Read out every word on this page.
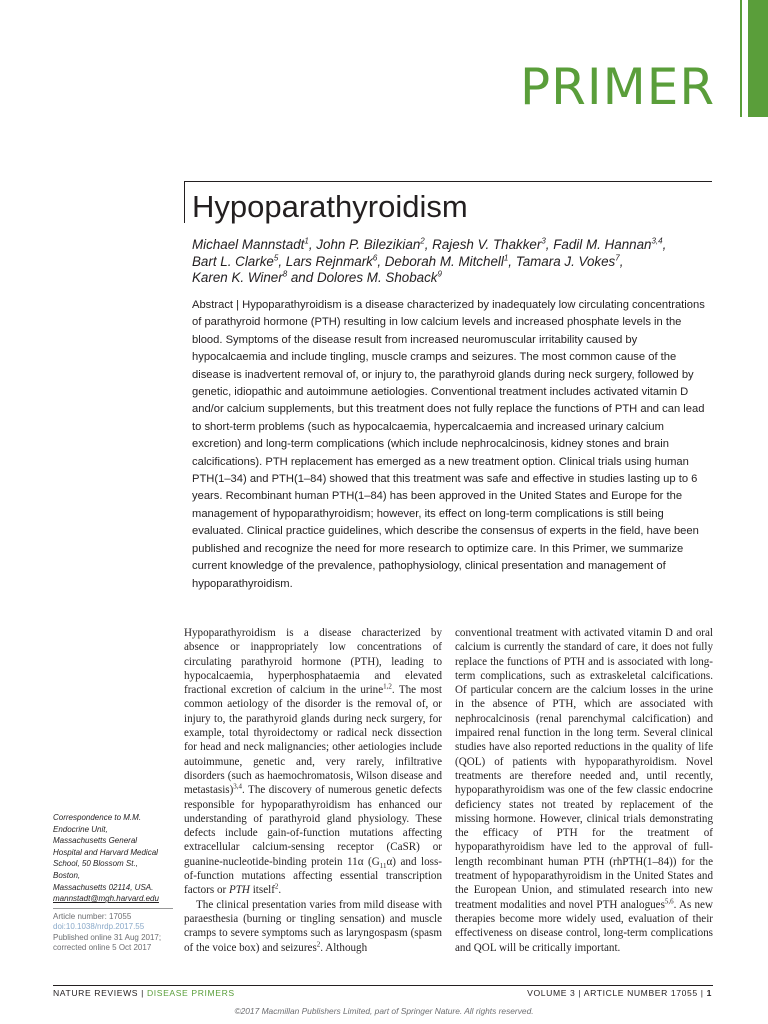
PRIMER
Hypoparathyroidism
Michael Mannstadt$^1$, John P. Bilezikian$^2$, Rajesh V. Thakker$^3$, Fadil M. Hannan$^{3,4}$,
Bart L. Clarke$^5$, Lars Rejnmark$^6$, Deborah M. Mitchell$^1$, Tamara J. Vokes$^7$,
Karen K. Winer$^8$ and Dolores M. Shoback$^9$
Abstract | Hypoparathyroidism is a disease characterized by inadequately low circulating concentrations of parathyroid hormone (PTH) resulting in low calcium levels and increased phosphate levels in the blood. Symptoms of the disease result from increased neuromuscular irritability caused by hypocalcaemia and include tingling, muscle cramps and seizures. The most common cause of the disease is inadvertent removal of, or injury to, the parathyroid glands during neck surgery, followed by genetic, idiopathic and autoimmune aetiologies. Conventional treatment includes activated vitamin D and/or calcium supplements, but this treatment does not fully replace the functions of PTH and can lead to short-term problems (such as hypocalcaemia, hypercalcaemia and increased urinary calcium excretion) and long-term complications (which include nephrocalcinosis, kidney stones and brain calcifications). PTH replacement has emerged as a new treatment option. Clinical trials using human PTH(1–34) and PTH(1–84) showed that this treatment was safe and effective in studies lasting up to 6 years. Recombinant human PTH(1–84) has been approved in the United States and Europe for the management of hypoparathyroidism; however, its effect on long-term complications is still being evaluated. Clinical practice guidelines, which describe the consensus of experts in the field, have been published and recognize the need for more research to optimize care. In this Primer, we summarize current knowledge of the prevalence, pathophysiology, clinical presentation and management of hypoparathyroidism.

Hypoparathyroidism is a disease characterized by absence or inappropriately low concentrations of circulating parathyroid hormone (PTH), leading to hypocalcaemia, hyperphosphataemia and elevated fractional excretion of calcium in the urine$^{1,2}$. The most common aetiology of the disorder is the removal of, or injury to, the parathyroid glands during neck surgery, for example, total thyroidectomy or radical neck dissection for head and neck malignancies; other aetiologies include autoimmune, genetic and, very rarely, infiltrative disorders (such as haemochromatosis, Wilson disease and metastasis)$^{3,4}$. The discovery of numerous genetic defects responsible for hypoparathyroidism has enhanced our understanding of parathyroid gland physiology. These defects include gain-of-function mutations affecting extracellular calcium-sensing receptor (CaSR) or guanine-nucleotide-binding protein 11α $(G_{11}\alpha)$ and loss-of-function mutations affecting essential transcription factors or PTH itself$^2$.

The clinical presentation varies from mild disease with paraesthesia (burning or tingling sensation) and muscle cramps to severe symptoms such as laryngospasm (spasm of the voice box) and seizures$^2$. Although

conventional treatment with activated vitamin D and oral calcium is currently the standard of care, it does not fully replace the functions of PTH and is associated with long-term complications, such as extraskeletal calcifications. Of particular concern are the calcium losses in the urine in the absence of PTH, which are associated with nephrocalcinosis (renal parenchymal calcification) and impaired renal function in the long term. Several clinical studies have also reported reductions in the quality of life (QOL) of patients with hypoparathyroidism. Novel treatments are therefore needed and, until recently, hypoparathyroidism was one of the few classic endocrine deficiency states not treated by replacement of the missing hormone. However, clinical trials demonstrating the efficacy of PTH for the treatment of hypoparathyroidism have led to the approval of full-length recombinant human PTH (rhPTH(1–84)) for the treatment of hypoparathyroidism in the United States and the European Union, and stimulated research into new treatment modalities and novel PTH analogues$^{5,6}$. As new therapies become more widely used, evaluation of their effectiveness on disease control, long-term complications and QOL will be critically important.

Correspondence to M.M.
Endocrine Unit,
Massachusetts General
Hospital and Harvard Medical
School, 50 Blossom St.,
Boston,
Massachusetts 02114, USA.
mannstadt@mgh.harvard.edu
Article number: 17055
doi:10.1038/nrdp.2017.55
Published online 31 Aug 2017;
corrected online 5 Oct 2017
NATURE REVIEWS | DISEASE PRIMERS	VOLUME 3 | ARTICLE NUMBER 17055 | 1
©2017 Macmillan Publishers Limited, part of Springer Nature. All rights reserved.
